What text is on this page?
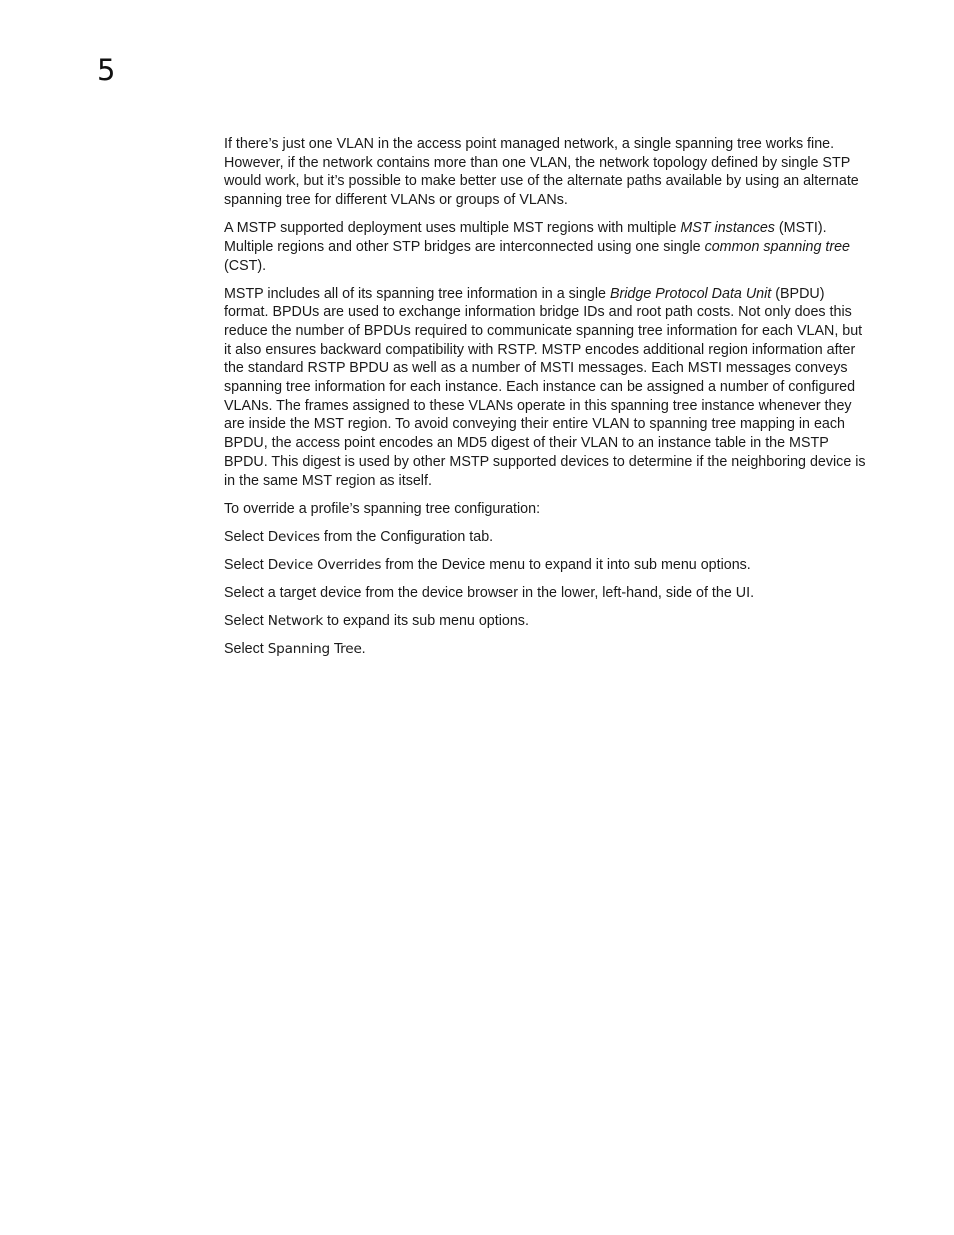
5

If there’s just one VLAN in the access point managed network, a single spanning tree works fine. However, if the network contains more than one VLAN, the network topology defined by single STP would work, but it’s possible to make better use of the alternate paths available by using an alternate spanning tree for different VLANs or groups of VLANs.

A MSTP supported deployment uses multiple MST regions with multiple MST instances (MSTI). Multiple regions and other STP bridges are interconnected using one single common spanning tree (CST).

MSTP includes all of its spanning tree information in a single Bridge Protocol Data Unit (BPDU) format. BPDUs are used to exchange information bridge IDs and root path costs. Not only does this reduce the number of BPDUs required to communicate spanning tree information for each VLAN, but it also ensures backward compatibility with RSTP. MSTP encodes additional region information after the standard RSTP BPDU as well as a number of MSTI messages. Each MSTI messages conveys spanning tree information for each instance. Each instance can be assigned a number of configured VLANs. The frames assigned to these VLANs operate in this spanning tree instance whenever they are inside the MST region. To avoid conveying their entire VLAN to spanning tree mapping in each BPDU, the access point encodes an MD5 digest of their VLAN to an instance table in the MSTP BPDU. This digest is used by other MSTP supported devices to determine if the neighboring device is in the same MST region as itself.

To override a profile’s spanning tree configuration:

Select Devices from the Configuration tab.

Select Device Overrides from the Device menu to expand it into sub menu options.

Select a target device from the device browser in the lower, left-hand, side of the UI.

Select Network to expand its sub menu options.

Select Spanning Tree.
